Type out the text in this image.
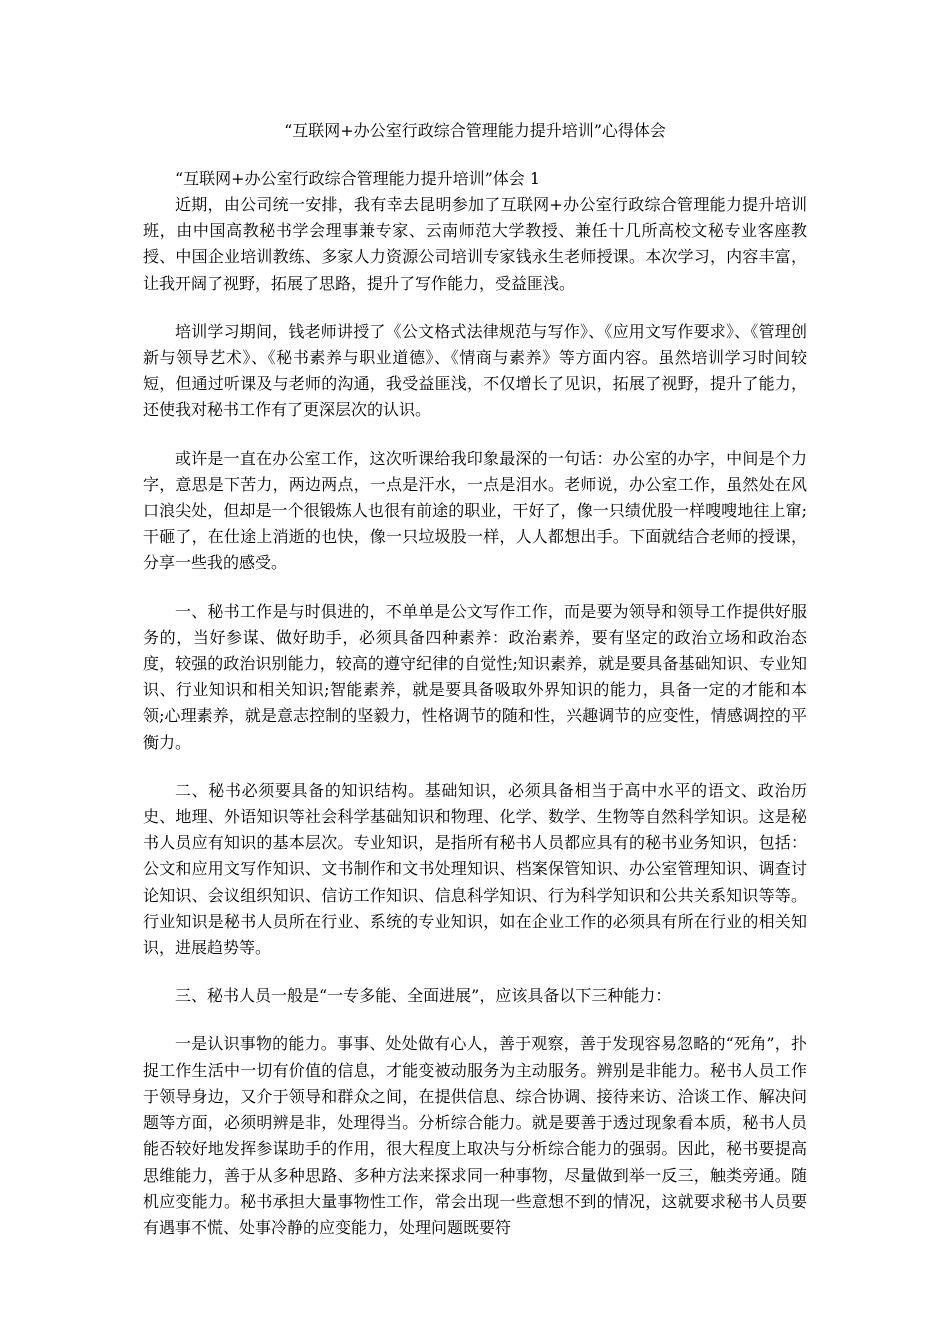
“互联网+办公室行政综合管理能力提升培训”心得体会

“互联网+办公室行政综合管理能力提升培训”体会 1

近期，由公司统一安排，我有幸去昆明参加了互联网+办公室行政综合管理能力提升培训班，由中国高教秘书学会理事兼专家、云南师范大学教授、兼任十几所高校文秘专业客座教授、中国企业培训教练、多家人力资源公司培训专家钱永生老师授课。本次学习，内容丰富，让我开阔了视野，拓展了思路，提升了写作能力，受益匪浅。

培训学习期间，钱老师讲授了《公文格式法律规范与写作》、《应用文写作要求》、《管理创新与领导艺术》、《秘书素养与职业道德》、《情商与素养》等方面内容。虽然培训学习时间较短，但通过听课及与老师的沟通，我受益匪浅，不仅增长了见识，拓展了视野，提升了能力，还使我对秘书工作有了更深层次的认识。

或许是一直在办公室工作，这次听课给我印象最深的一句话：办公室的办字，中间是个力字，意思是下苦力，两边两点，一点是汗水，一点是泪水。老师说，办公室工作，虽然处在风口浪尖处，但却是一个很锻炼人也很有前途的职业，干好了，像一只绩优股一样嗖嗖地往上窜;干砸了，在仕途上消逝的也快，像一只垃圾股一样，人人都想出手。下面就结合老师的授课，分享一些我的感受。

一、秘书工作是与时俱进的，不单单是公文写作工作，而是要为领导和领导工作提供好服务的，当好参谋、做好助手，必须具备四种素养：政治素养，要有坚定的政治立场和政治态度，较强的政治识别能力，较高的遵守纪律的自觉性;知识素养，就是要具备基础知识、专业知识、行业知识和相关知识;智能素养，就是要具备吸取外界知识的能力，具备一定的才能和本领;心理素养，就是意志控制的坚毅力，性格调节的随和性，兴趣调节的应变性，情感调控的平衡力。

二、秘书必须要具备的知识结构。基础知识，必须具备相当于高中水平的语文、政治历史、地理、外语知识等社会科学基础知识和物理、化学、数学、生物等自然科学知识。这是秘书人员应有知识的基本层次。专业知识，是指所有秘书人员都应具有的秘书业务知识，包括：公文和应用文写作知识、文书制作和文书处理知识、档案保管知识、办公室管理知识、调查讨论知识、会议组织知识、信访工作知识、信息科学知识、行为科学知识和公共关系知识等等。行业知识是秘书人员所在行业、系统的专业知识，如在企业工作的必须具有所在行业的相关知识，进展趋势等。

三、秘书人员一般是“一专多能、全面进展”，应该具备以下三种能力：

一是认识事物的能力。事事、处处做有心人，善于观察，善于发现容易忽略的“死角”，扑捉工作生活中一切有价值的信息，才能变被动服务为主动服务。辨别是非能力。秘书人员工作于领导身边，又介于领导和群众之间，在提供信息、综合协调、接待来访、洽谈工作、解决问题等方面，必须明辨是非，处理得当。分析综合能力。就是要善于透过现象看本质，秘书人员能否较好地发挥参谋助手的作用，很大程度上取决与分析综合能力的强弱。因此，秘书要提高思维能力，善于从多种思路、多种方法来探求同一种事物，尽量做到举一反三，触类旁通。随机应变能力。秘书承担大量事物性工作，常会出现一些意想不到的情况，这就要求秘书人员要有遇事不慌、处事冷静的应变能力，处理问题既要符
